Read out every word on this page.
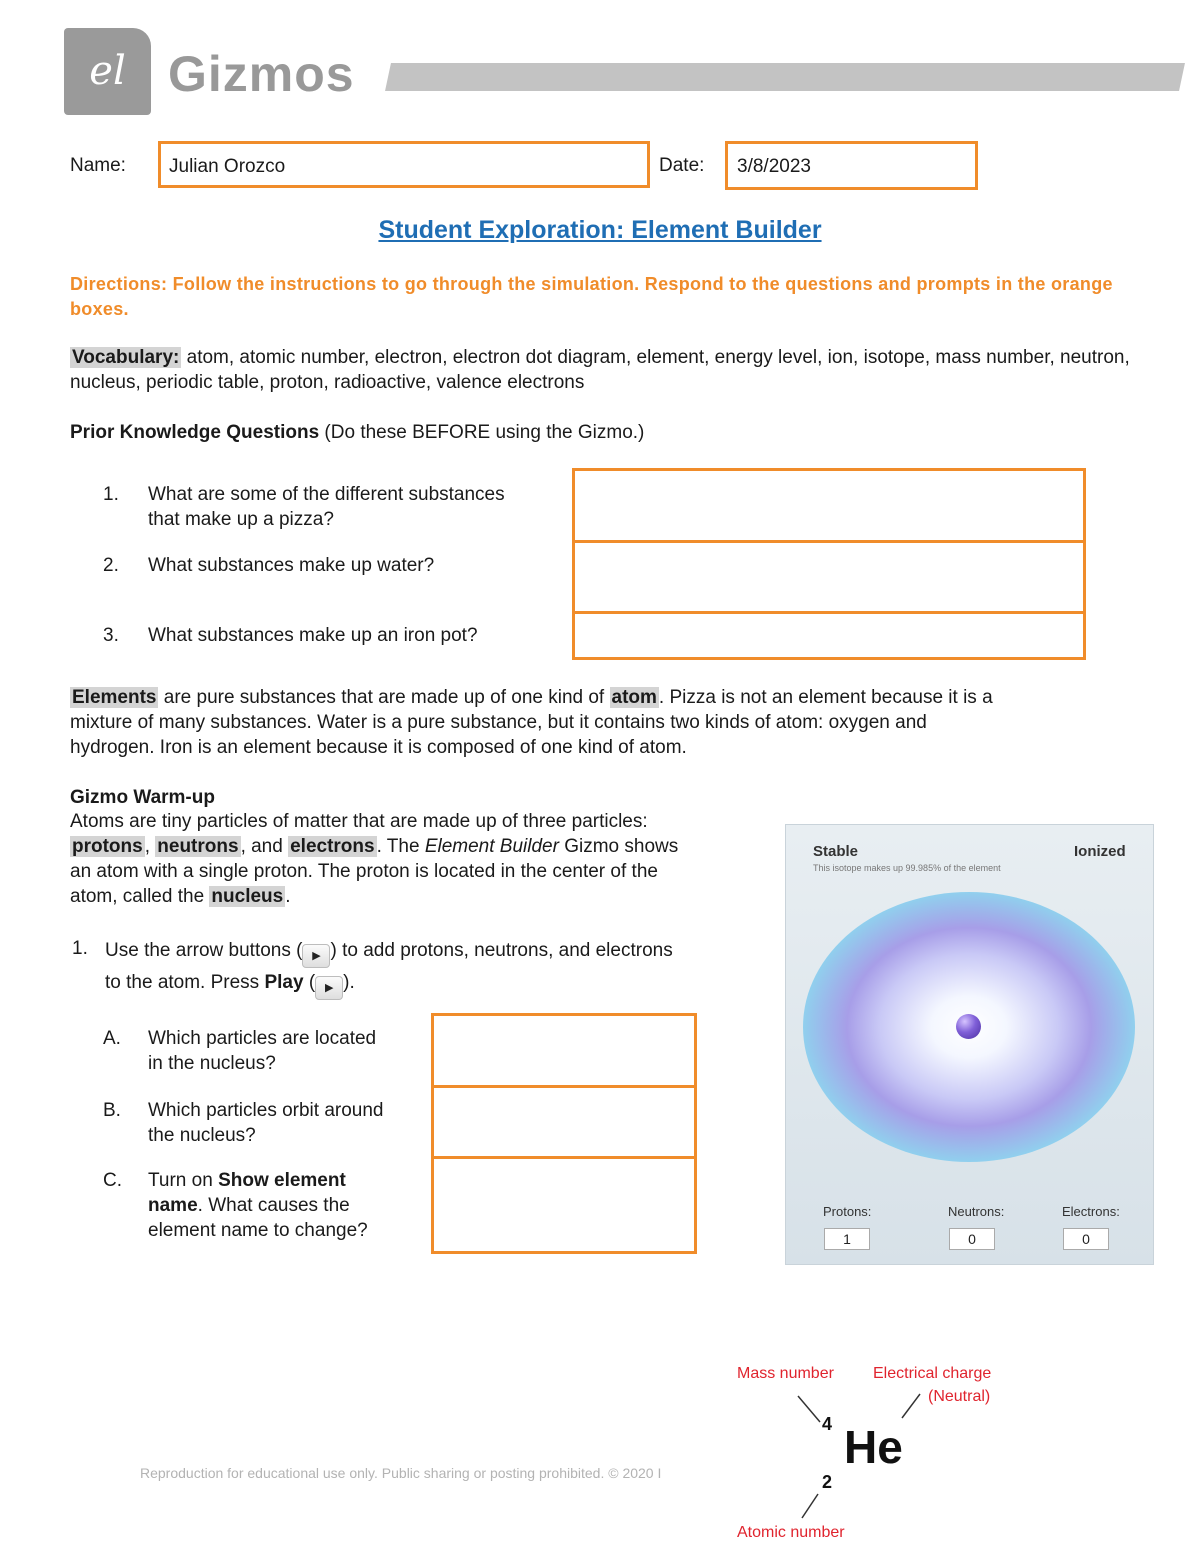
el Gizmos
Name: Julian Orozco	Date: 3/8/2023
Student Exploration: Element Builder
Directions: Follow the instructions to go through the simulation. Respond to the questions and prompts in the orange boxes.
Vocabulary: atom, atomic number, electron, electron dot diagram, element, energy level, ion, isotope, mass number, neutron, nucleus, periodic table, proton, radioactive, valence electrons
Prior Knowledge Questions (Do these BEFORE using the Gizmo.)
1. What are some of the different substances
that make up a pizza?
2. What substances make up water?
3. What substances make up an iron pot?
Elements are pure substances that are made up of one kind of atom . Pizza is not an element because it is a
mixture of many substances. Water is a pure substance, but it contains two kinds of atom: oxygen and
hydrogen. Iron is an element because it is composed of one kind of atom.
Gizmo Warm-up
Atoms are tiny particles of matter that are made up of three particles:
protons , neutrons , and electrons . The Element Builder Gizmo shows
an atom with a single proton. The proton is located in the center of the
atom, called the nucleus .
1. Use the arrow buttons ( ▶ ) to add protons, neutrons, and electrons
to the atom. Press Play ( ▶ ).
A. Which particles are located
in the nucleus?
B. Which particles orbit around
the nucleus?
C. Turn on Show element
name. What causes the
element name to change?
Stable	Ionized
This isotope makes up 99.985% of the element
Protons:	Neutrons:	Electrons:
1	0	0
Mass number Electrical charge
(Neutral)
4 He
2
Atomic number
Reproduction for educational use only. Public sharing or posting prohibited. © 2020 I
